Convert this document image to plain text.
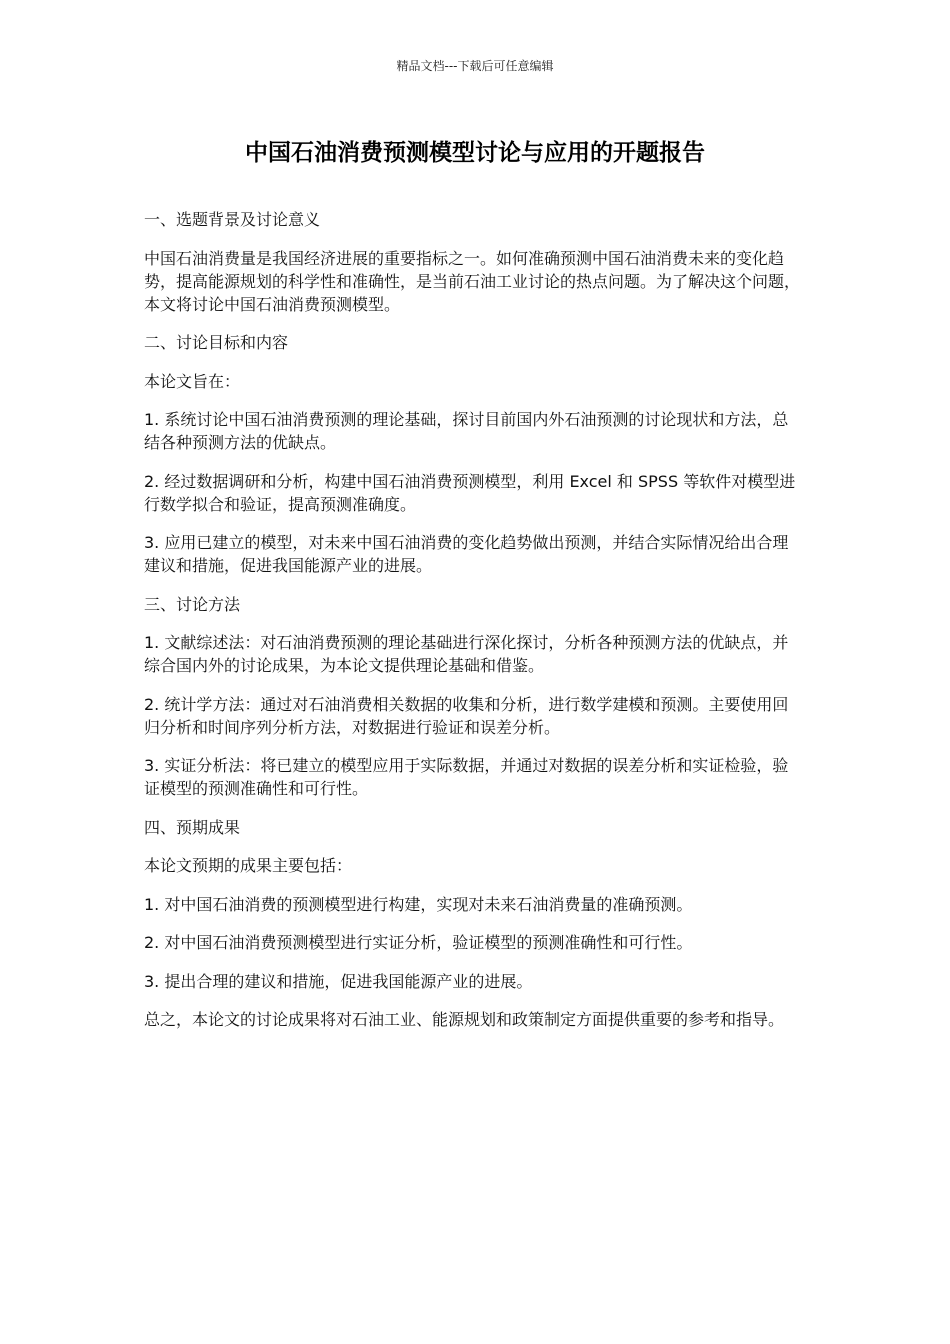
精品文档---下载后可任意编辑
中国石油消费预测模型讨论与应用的开题报告

一、选题背景及讨论意义

中国石油消费量是我国经济进展的重要指标之一。如何准确预测中国石油消费未来的变化趋势，提高能源规划的科学性和准确性，是当前石油工业讨论的热点问题。为了解决这个问题，本文将讨论中国石油消费预测模型。

二、讨论目标和内容

本论文旨在：

1. 系统讨论中国石油消费预测的理论基础，探讨目前国内外石油预测的讨论现状和方法，总结各种预测方法的优缺点。

2. 经过数据调研和分析，构建中国石油消费预测模型，利用 Excel 和 SPSS 等软件对模型进行数学拟合和验证，提高预测准确度。

3. 应用已建立的模型，对未来中国石油消费的变化趋势做出预测，并结合实际情况给出合理建议和措施，促进我国能源产业的进展。

三、讨论方法

1. 文献综述法：对石油消费预测的理论基础进行深化探讨，分析各种预测方法的优缺点，并综合国内外的讨论成果，为本论文提供理论基础和借鉴。

2. 统计学方法：通过对石油消费相关数据的收集和分析，进行数学建模和预测。主要使用回归分析和时间序列分析方法，对数据进行验证和误差分析。

3. 实证分析法：将已建立的模型应用于实际数据，并通过对数据的误差分析和实证检验，验证模型的预测准确性和可行性。

四、预期成果

本论文预期的成果主要包括：

1. 对中国石油消费的预测模型进行构建，实现对未来石油消费量的准确预测。

2. 对中国石油消费预测模型进行实证分析，验证模型的预测准确性和可行性。

3. 提出合理的建议和措施，促进我国能源产业的进展。

总之，本论文的讨论成果将对石油工业、能源规划和政策制定方面提供重要的参考和指导。
